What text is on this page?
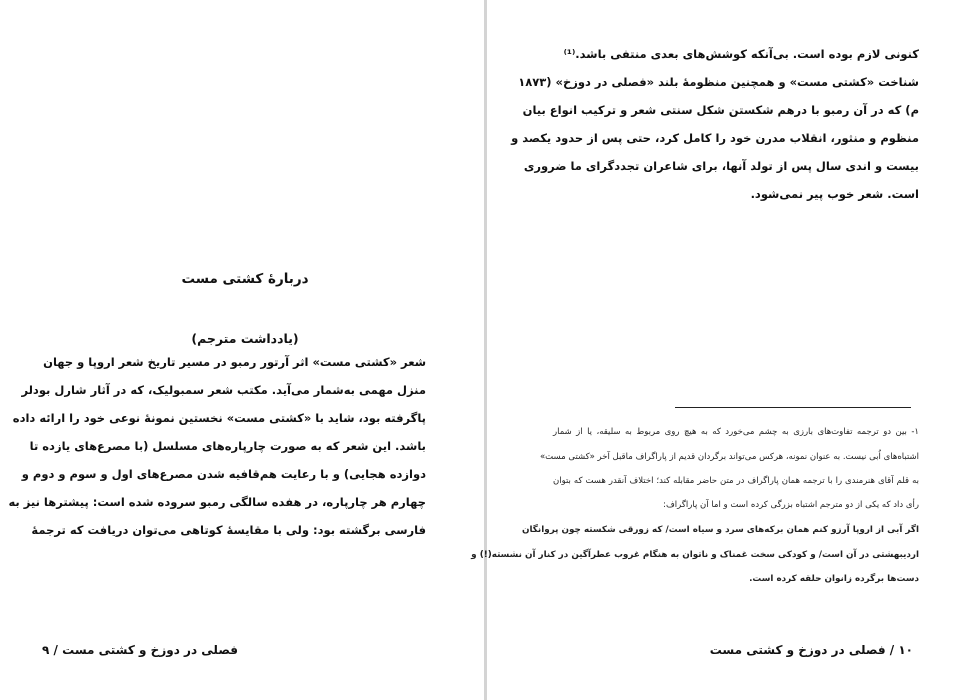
دربارهٔ کشتی مست
(یادداشت مترجم)
شعر «کشتی مست» اثر آرتور رمبو در مسیر تاریخ شعر اروپا و جهان
منزل مهمی به‌شمار می‌آید. مکتب شعر سمبولیک، که در آثار شارل بودلر
پاگرفته بود، شاید با «کشتی مست» نخستین نمونهٔ نوعی خود را ارائه داده
باشد. این شعر که به صورت چارپاره‌های مسلسل (با مصرع‌های یازده تا
دوازده هجایی) و با رعایت هم‌قافیه شدن مصرع‌های اول و سوم و دوم و
چهارم هر چارپاره، در هفده سالگی رمبو سروده شده است: پیشترها نیز به
فارسی برگشته بود: ولی با مقایسهٔ کوتاهی می‌توان دریافت که ترجمهٔ
فصلی در دوزخ و کشتی مست / ۹
کنونی لازم بوده است. بی‌آنکه کوشش‌های بعدی منتفی باشد.⁽¹⁾
شناخت «کشتی مست» و همچنین منظومهٔ بلند «فصلی در دوزخ» (۱۸۷۳
م) که در آن رمبو با درهم شکستن شکل سنتی شعر و ترکیب انواع بیان
منظوم و منثور، انقلاب مدرن خود را کامل کرد، حتی پس از حدود یکصد و
بیست و اندی سال پس از تولد آنها، برای شاعران تجددگرای ما ضروری
است. شعر خوب پیر نمی‌شود.
۱- بین دو ترجمه تفاوت‌های بارزی به چشم می‌خورد که به هیچ روی مربوط به سلیقه، یا از شمار
اشتباه‌های اُبی نیست. به عنوان نمونه، هرکس می‌تواند برگردان قدیم از پاراگراف ماقبل آخر «کشتی مست»
به قلم آقای هنرمندی را با ترجمه همان پاراگراف در متن حاضر مقابله کند؛ اختلاف آنقدر هست که بتوان
رأی داد که یکی از دو مترجم اشتباه بزرگی کرده است و اما آن پاراگراف:
اگر آبی از اروپا آرزو کنم همان برکه‌های سرد و سیاه است/ که زورقی شکسته چون پروانگان
اردیبهشتی در آن است/ و کودکی سخت غمناک و ناتوان به هنگام غروب عطرآگین در کنار آن نشسته(!) و
دست‌ها برگرده زانوان حلقه کرده است.
۱۰ / فصلی در دوزخ و کشتی مست
